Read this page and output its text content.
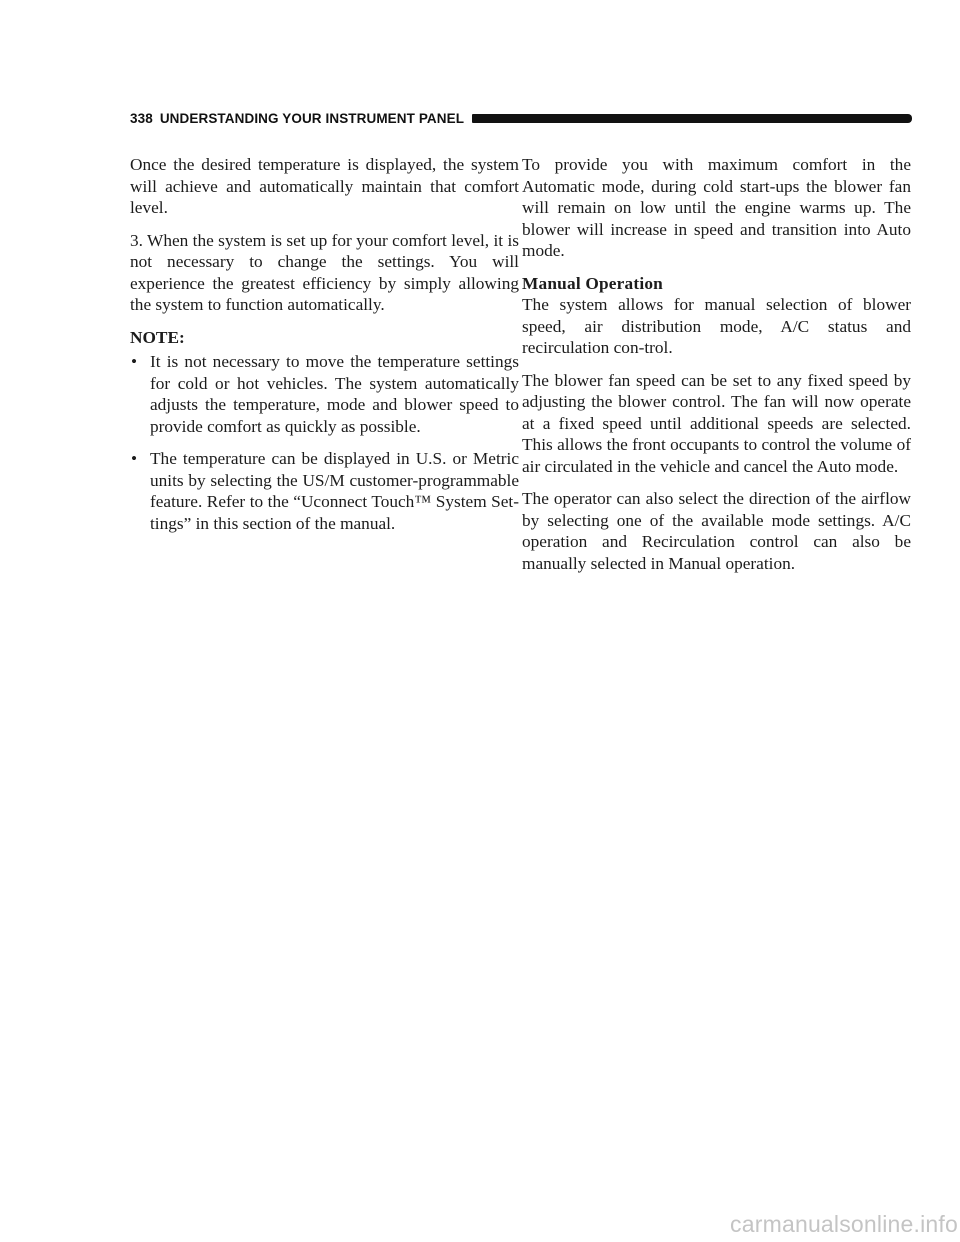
338 UNDERSTANDING YOUR INSTRUMENT PANEL

Once the desired temperature is displayed, the system will achieve and automatically maintain that comfort level.

3. When the system is set up for your comfort level, it is not necessary to change the settings. You will experience the greatest efficiency by simply allowing the system to function automatically.

NOTE:
• It is not necessary to move the temperature settings for cold or hot vehicles. The system automatically adjusts the temperature, mode and blower speed to provide comfort as quickly as possible.
• The temperature can be displayed in U.S. or Metric units by selecting the US/M customer-programmable feature. Refer to the “Uconnect Touch™ System Set-tings” in this section of the manual.

To provide you with maximum comfort in the Automatic mode, during cold start-ups the blower fan will remain on low until the engine warms up. The blower will increase in speed and transition into Auto mode.

Manual Operation

The system allows for manual selection of blower speed, air distribution mode, A/C status and recirculation con-trol.

The blower fan speed can be set to any fixed speed by adjusting the blower control. The fan will now operate at a fixed speed until additional speeds are selected. This allows the front occupants to control the volume of air circulated in the vehicle and cancel the Auto mode.

The operator can also select the direction of the airflow by selecting one of the available mode settings. A/C operation and Recirculation control can also be manually selected in Manual operation.

carmanualsonline.info
